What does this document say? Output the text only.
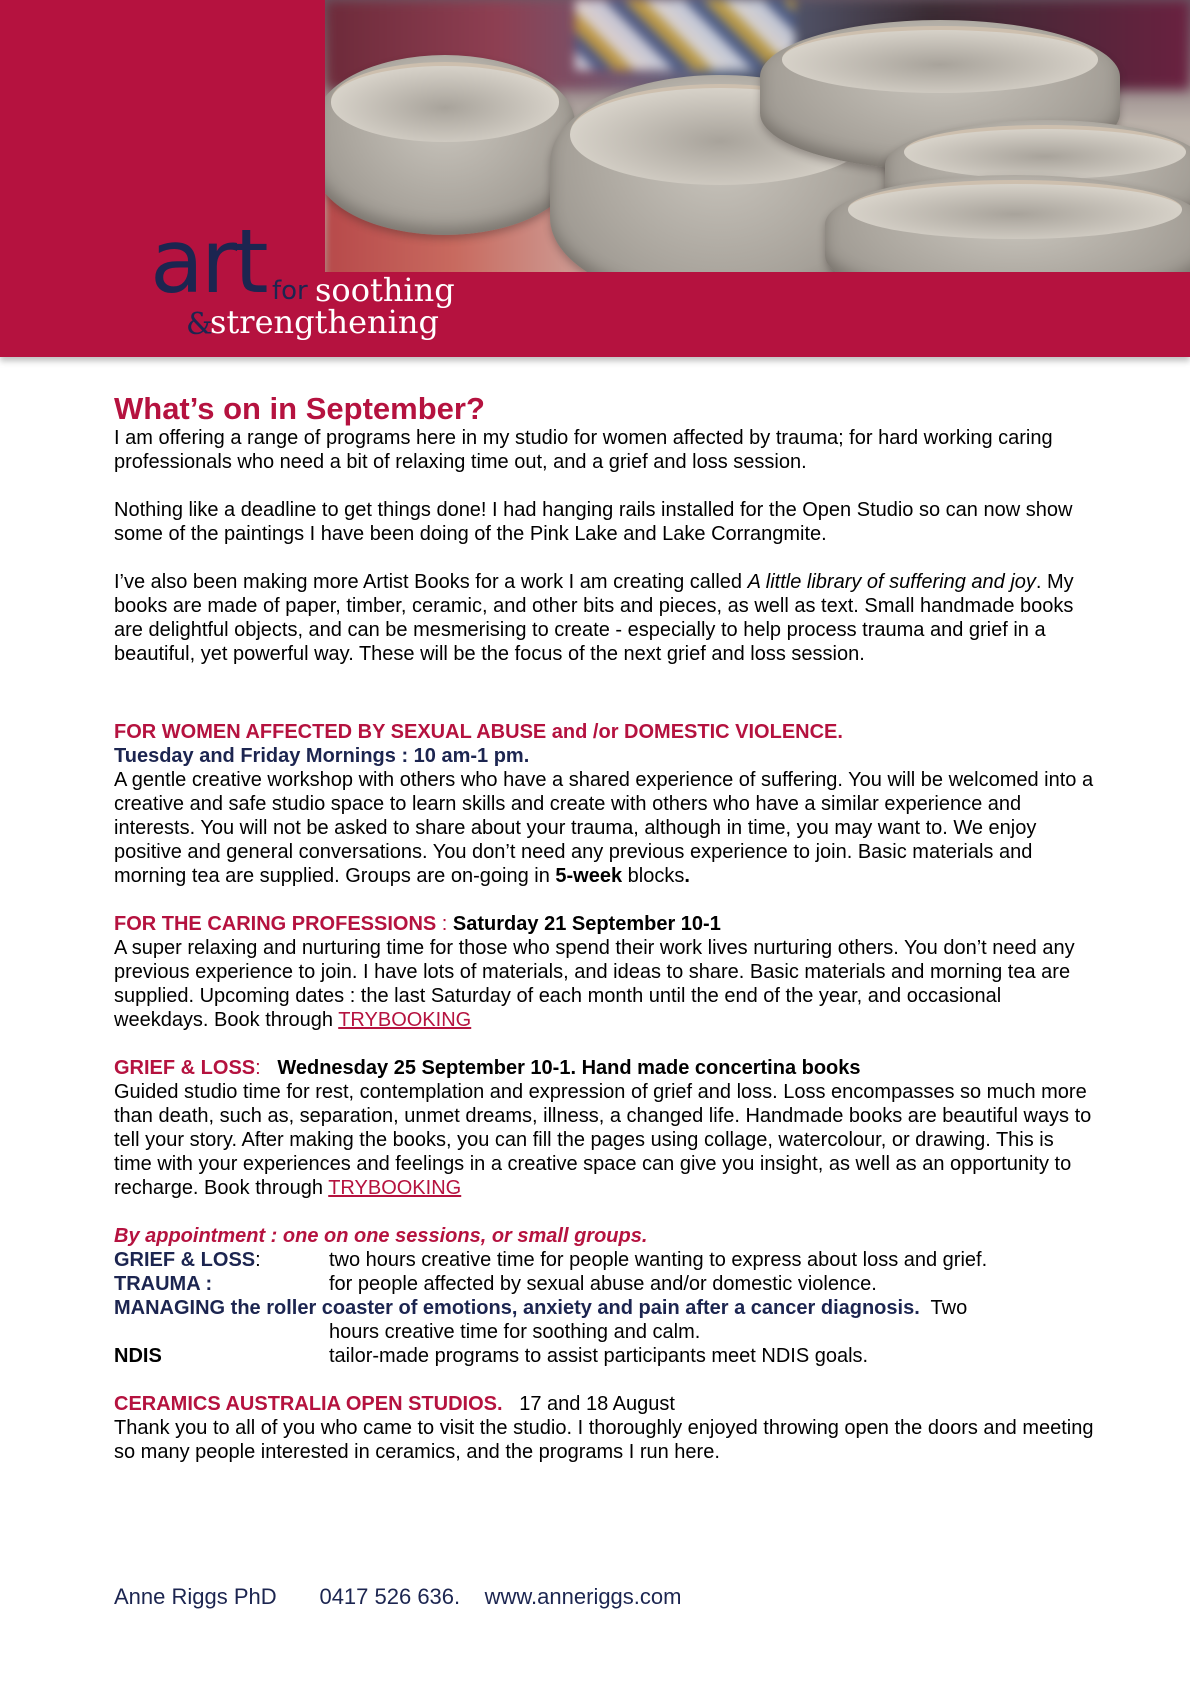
art for soothing
&
strengthening
What’s on in September?

I am offering a range of programs here in my studio for women affected by trauma; for hard working caring professionals who need a bit of relaxing time out, and a grief and loss session.

Nothing like a deadline to get things done! I had hanging rails installed for the Open Studio so can now show some of the paintings I have been doing of the Pink Lake and Lake Corrangmite.

I’ve also been making more Artist Books for a work I am creating called A little library of suffering and joy. My books are made of paper, timber, ceramic, and other bits and pieces, as well as text. Small handmade books are delightful objects, and can be mesmerising to create - especially to help process trauma and grief in a beautiful, yet powerful way. These will be the focus of the next grief and loss session.

FOR WOMEN AFFECTED BY SEXUAL ABUSE and /or DOMESTIC VIOLENCE.

Tuesday and Friday Mornings : 10 am-1 pm.

A gentle creative workshop with others who have a shared experience of suffering. You will be welcomed into a creative and safe studio space to learn skills and create with others who have a similar experience and interests. You will not be asked to share about your trauma, although in time, you may want to. We enjoy positive and general conversations. You don’t need any previous experience to join. Basic materials and morning tea are supplied. Groups are on-going in 5-week blocks.

FOR THE CARING PROFESSIONS : Saturday 21 September 10-1

A super relaxing and nurturing time for those who spend their work lives nurturing others. You don’t need any previous experience to join. I have lots of materials, and ideas to share. Basic materials and morning tea are supplied. Upcoming dates : the last Saturday of each month until the end of the year, and occasional weekdays. Book through TRYBOOKING

GRIEF & LOSS:   Wednesday 25 September 10-1. Hand made concertina books

Guided studio time for rest, contemplation and expression of grief and loss. Loss encompasses so much more than death, such as, separation, unmet dreams, illness, a changed life. Handmade books are beautiful ways to tell your story. After making the books, you can fill the pages using collage, watercolour, or drawing. This is time with your experiences and feelings in a creative space can give you insight, as well as an opportunity to recharge. Book through TRYBOOKING

By appointment : one on one sessions, or small groups.

GRIEF & LOSS:	two hours creative time for people wanting to express about loss and grief.
TRAUMA :	for people affected by sexual abuse and/or domestic violence.

MANAGING the roller coaster of emotions, anxiety and pain after a cancer diagnosis.  Two

hours creative time for soothing and calm.

NDIS	tailor-made programs to assist participants meet NDIS goals.

CERAMICS AUSTRALIA OPEN STUDIOS.   17 and 18 August

Thank you to all of you who came to visit the studio. I thoroughly enjoyed throwing open the doors and meeting so many people interested in ceramics, and the programs I run here.

Anne Riggs PhD 0417 526 636. www.anneriggs.com
